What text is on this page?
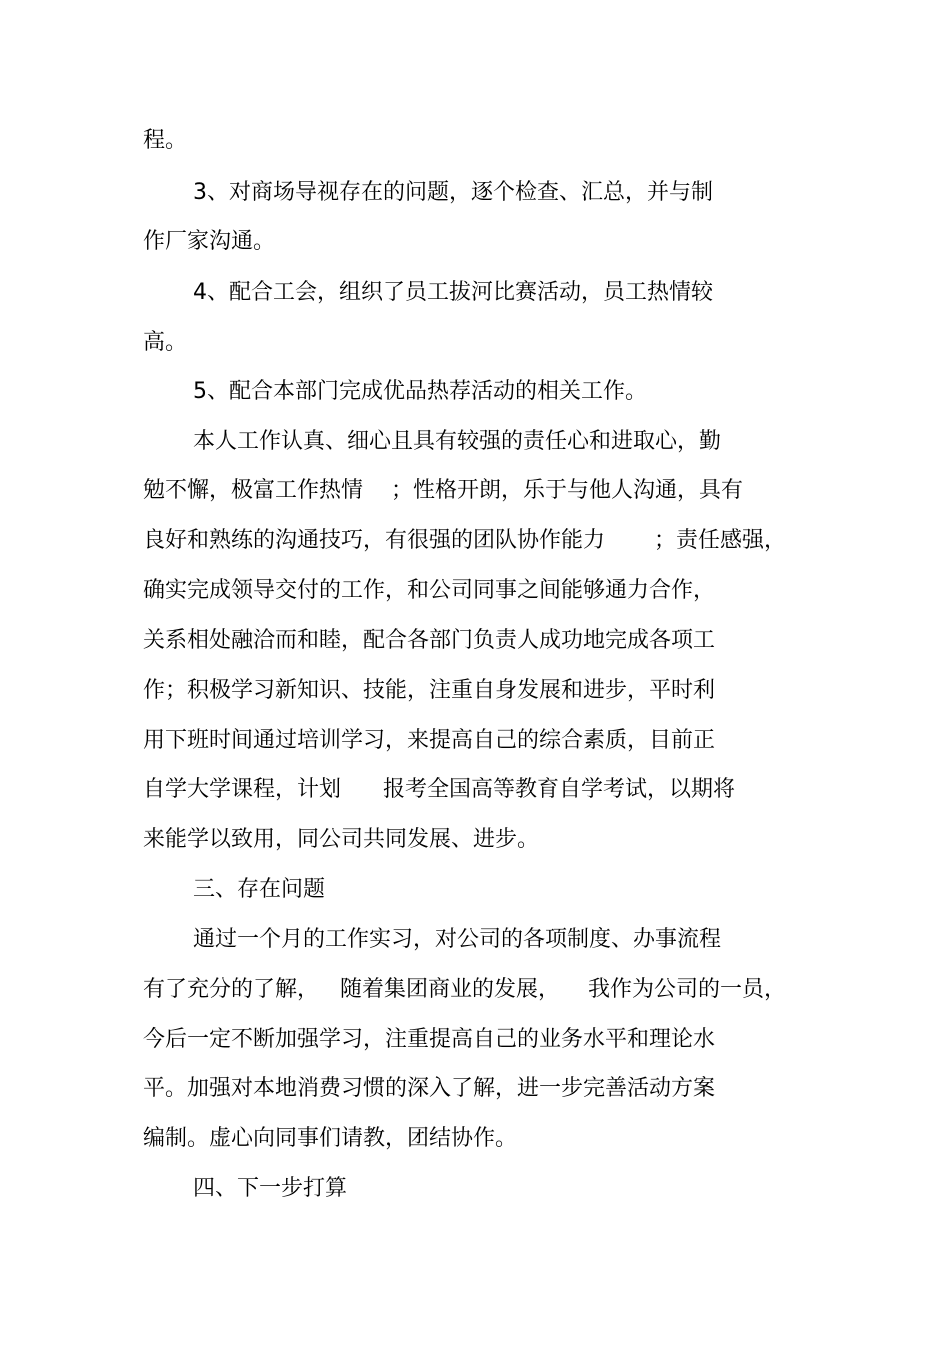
程。
3、对商场导视存在的问题，逐个检查、汇总，并与制
作厂家沟通。
4、配合工会，组织了员工拔河比赛活动，员工热情较
高。
5、配合本部门完成优品热荐活动的相关工作。
本人工作认真、细心且具有较强的责任心和进取心，勤
勉不懈，极富工作热情    ；性格开朗，乐于与他人沟通，具有
良好和熟练的沟通技巧，有很强的团队协作能力       ；责任感强，
确实完成领导交付的工作，和公司同事之间能够通力合作，
关系相处融洽而和睦，配合各部门负责人成功地完成各项工
作；积极学习新知识、技能，注重自身发展和进步，平时利
用下班时间通过培训学习，来提高自己的综合素质，目前正
自学大学课程，计划      报考全国高等教育自学考试，以期将
来能学以致用，同公司共同发展、进步。
三、存在问题
通过一个月的工作实习，对公司的各项制度、办事流程
有了充分的了解，   随着集团商业的发展，    我作为公司的一员，
今后一定不断加强学习，注重提高自己的业务水平和理论水
平。加强对本地消费习惯的深入了解，进一步完善活动方案
编制。虚心向同事们请教，团结协作。
四、下一步打算
